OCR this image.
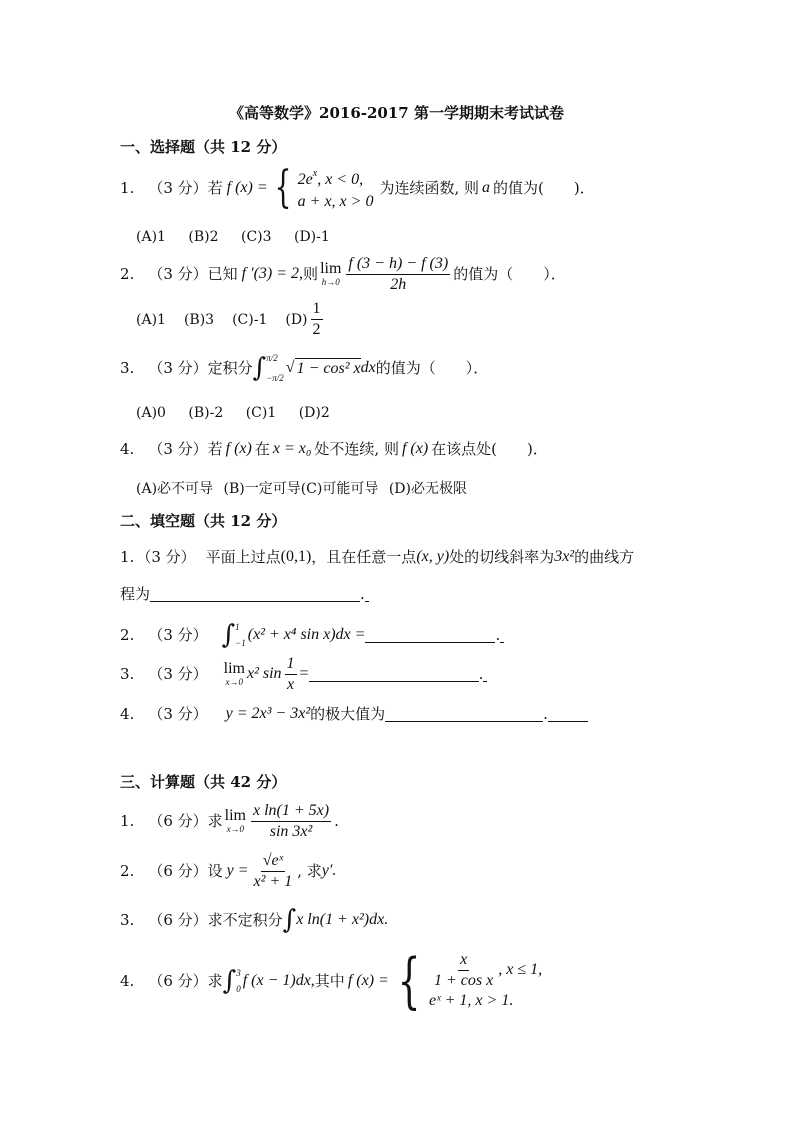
《高等数学》2016-2017 第一学期期末考试试卷
一、选择题（共 12 分）
1. （3 分） 若 f (x) = { $2e^x$, x < 0,
a + x, x > 0
为连续函数, 则 a 的值为(　　)．
(A)1 (B)2 (C)3 (D)-1
2. （3 分） 已知 f ′(3) = 2, 则 lim
$h\to 0 \frac{f (3 - h) - f (3)}{2h}$ 的值为（　　）．
(A)1 (B)3 (C)-1 $(D) \frac{1}{2}$
3. （3 分） 定积分 ∫ π/2
−π/2
√ 1 − cos² x dx 的值为（　　）．
(A)0 (B)-2 (C)1 (D)2
4. （3 分） 若 f (x) 在 x = x₀ 处不连续, 则 f (x) 在该点处(　　)．
(A)必不可导 (B)一定可导(C)可能可导 (D)必无极限
二、填空题（共 12 分）
1. （3 分） 平面上过点 (0,1) ，且在任意一点 (x, y) 处的切线斜率为 3x² 的曲线方
程为	.
2. （3 分） ∫ 1
−1 (x² + x⁴ sin x)dx =	.
3. （3 分） lim
x→0 x² $\sin \frac{1}{x}$ =	.
4. （3 分） y = 2x³ − 3x² 的极大值为	.
三、计算题（共 42 分）
1. （6 分） 求 lim
$x\to 0 \frac{\text{x ln(1 + 5x)}}{\text{sin 3x²}}$ .
2. （6 分） 设 $y = \frac{\text{√eˣ}}{\text{x² + 1}}$ , 求 y′.
3. （6 分） 求不定积分 ∫ x ln(1 + x²)dx.
4. （6 分） 求 ∫ 3
0 f (x − 1)dx, 其中 f (x) = { $\frac{x}{\text{1 + cos x}}$ , x ≤ 1,
eˣ + 1, x > 1.
